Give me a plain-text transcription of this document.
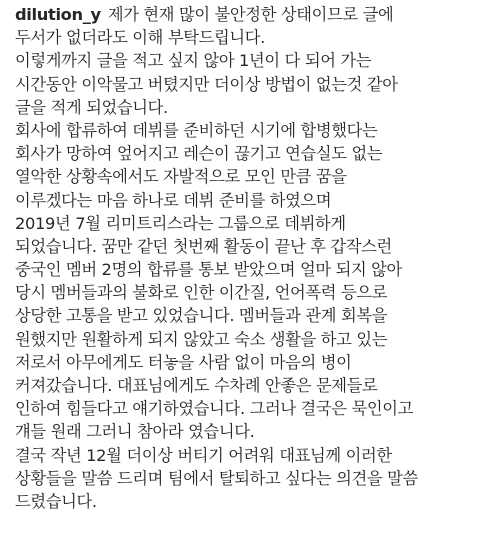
dilution_y 제가 현재 많이 불안정한 상태이므로 글에
두서가 없더라도 이해 부탁드립니다.
이렇게까지 글을 적고 싶지 않아 1년이 다 되어 가는
시간동안 이악물고 버텼지만 더이상 방법이 없는것 같아
글을 적게 되었습니다.
회사에 합류하여 데뷔를 준비하던 시기에 합병했다는
회사가 망하여 엎어지고 레슨이 끊기고 연습실도 없는
열악한 상황속에서도 자발적으로 모인 만큼 꿈을
이루겠다는 마음 하나로 데뷔 준비를 하였으며
2019년 7월 리미트리스라는 그룹으로 데뷔하게
되었습니다. 꿈만 같던 첫번째 활동이 끝난 후 갑작스런
중국인 멤버 2명의 합류를 통보 받았으며 얼마 되지 않아
당시 멤버들과의 불화로 인한 이간질, 언어폭력 등으로
상당한 고통을 받고 있었습니다. 멤버들과 관계 회복을
원했지만 원활하게 되지 않았고 숙소 생활을 하고 있는
저로서 아무에게도 터놓을 사람 없이 마음의 병이
커져갔습니다. 대표님에게도 수차례 안좋은 문제들로
인하여 힘들다고 얘기하였습니다. 그러나 결국은 묵인이고
걔들 원래 그러니 참아라 였습니다.
결국 작년 12월 더이상 버티기 어려워 대표님께 이러한
상황들을 말씀 드리며 팀에서 탈퇴하고 싶다는 의견을 말씀
드렸습니다.
